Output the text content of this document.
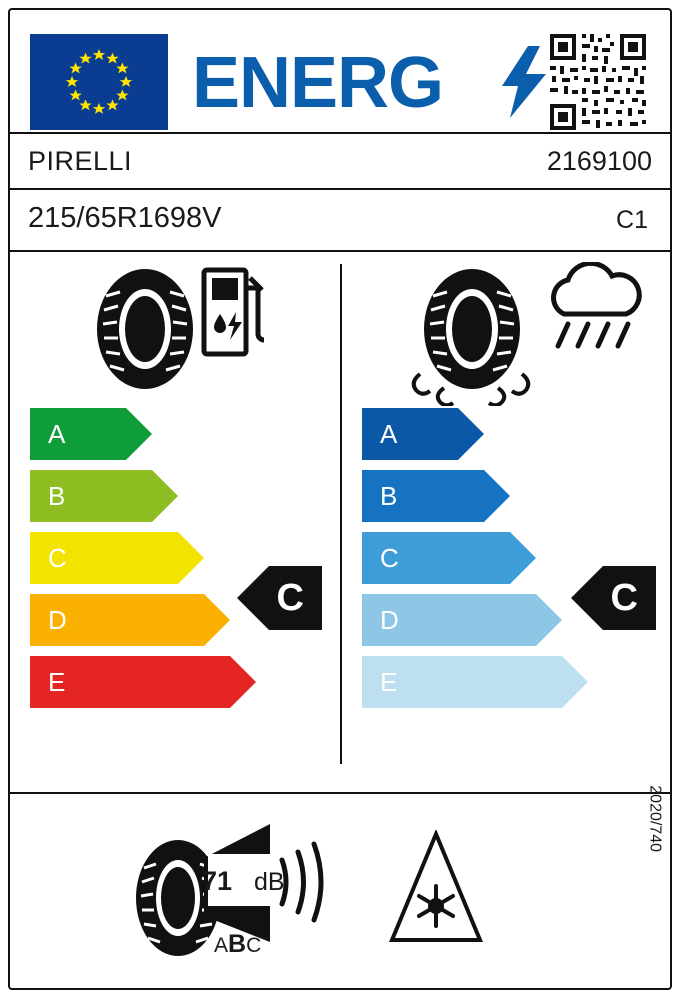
ENERG
PIRELLI	2169100
215/65R1698V	C1
A
B
C
D
E
C
A
B
C
D
E
C
71 dB
ABC
2020/740
